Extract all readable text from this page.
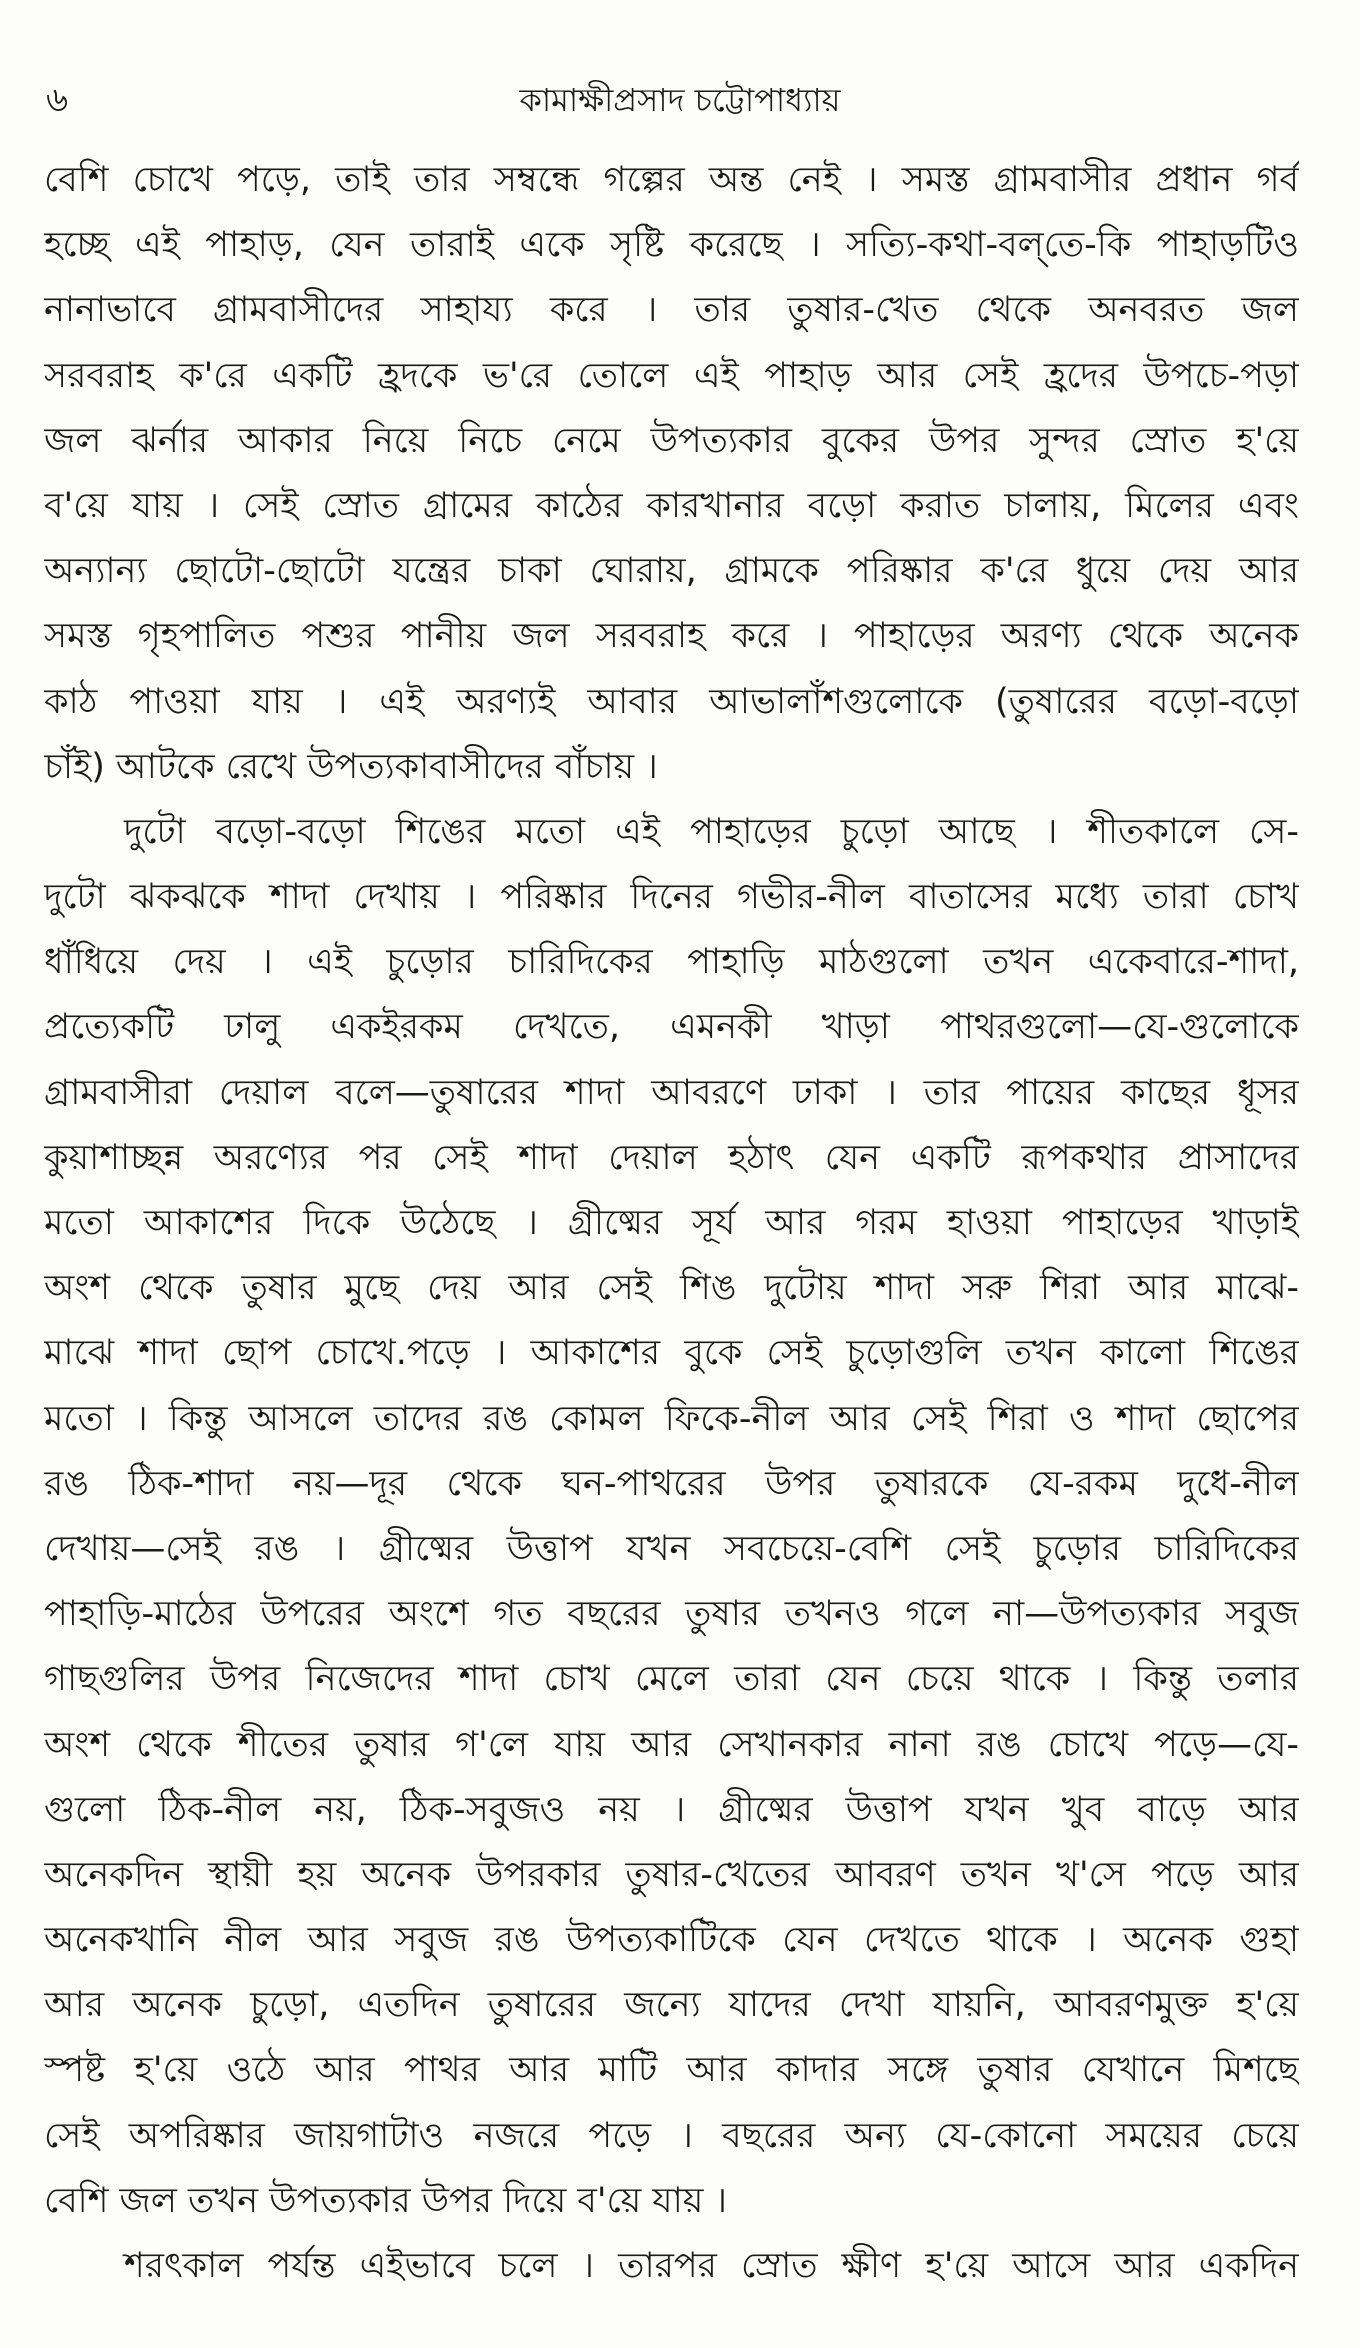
৬	কামাক্ষীপ্রসাদ চট্টোপাধ্যায়
বেশি চোখে পড়ে, তাই তার সম্বন্ধে গল্পের অন্ত নেই । সমস্ত গ্রামবাসীর প্রধান গর্ব
হচ্ছে এই পাহাড়, যেন তারাই একে সৃষ্টি করেছে । সত্যি-কথা-বল্‌তে-কি পাহাড়টিও
নানাভাবে গ্রামবাসীদের সাহায্য করে । তার তুষার-খেত থেকে অনবরত জল
সরবরাহ ক'রে একটি হ্রদকে ভ'রে তোলে এই পাহাড় আর সেই হ্রদের উপচে-পড়া
জল ঝর্নার আকার নিয়ে নিচে নেমে উপত্যকার বুকের উপর সুন্দর স্রোত হ'য়ে
ব'য়ে যায় । সেই স্রোত গ্রামের কাঠের কারখানার বড়ো করাত চালায়, মিলের এবং
অন্যান্য ছোটো-ছোটো যন্ত্রের চাকা ঘোরায়, গ্রামকে পরিষ্কার ক'রে ধুয়ে দেয় আর
সমস্ত গৃহপালিত পশুর পানীয় জল সরবরাহ করে । পাহাড়ের অরণ্য থেকে অনেক
কাঠ পাওয়া যায় । এই অরণ্যই আবার আভালাঁশগুলোকে (তুষারের বড়ো-বড়ো
চাঁই) আটকে রেখে উপত্যকাবাসীদের বাঁচায় ।
দুটো বড়ো-বড়ো শিঙের মতো এই পাহাড়ের চুড়ো আছে । শীতকালে সে-
দুটো ঝকঝকে শাদা দেখায় । পরিষ্কার দিনের গভীর-নীল বাতাসের মধ্যে তারা চোখ
ধাঁধিয়ে দেয় । এই চুড়োর চারিদিকের পাহাড়ি মাঠগুলো তখন একেবারে-শাদা,
প্রত্যেকটি ঢালু একইরকম দেখতে, এমনকী খাড়া পাথরগুলো—যে-গুলোকে
গ্রামবাসীরা দেয়াল বলে—তুষারের শাদা আবরণে ঢাকা । তার পায়ের কাছের ধূসর
কুয়াশাচ্ছন্ন অরণ্যের পর সেই শাদা দেয়াল হঠাৎ যেন একটি রূপকথার প্রাসাদের
মতো আকাশের দিকে উঠেছে । গ্রীষ্মের সূর্য আর গরম হাওয়া পাহাড়ের খাড়াই
অংশ থেকে তুষার মুছে দেয় আর সেই শিঙ দুটোয় শাদা সরু শিরা আর মাঝে-
মাঝে শাদা ছোপ চোখে.পড়ে । আকাশের বুকে সেই চুড়োগুলি তখন কালো শিঙের
মতো । কিন্তু আসলে তাদের রঙ কোমল ফিকে-নীল আর সেই শিরা ও শাদা ছোপের
রঙ ঠিক-শাদা নয়—দূর থেকে ঘন-পাথরের উপর তুষারকে যে-রকম দুধে-নীল
দেখায়—সেই রঙ । গ্রীষ্মের উত্তাপ যখন সবচেয়ে-বেশি সেই চুড়োর চারিদিকের
পাহাড়ি-মাঠের উপরের অংশে গত বছরের তুষার তখনও গলে না—উপত্যকার সবুজ
গাছগুলির উপর নিজেদের শাদা চোখ মেলে তারা যেন চেয়ে থাকে । কিন্তু তলার
অংশ থেকে শীতের তুষার গ'লে যায় আর সেখানকার নানা রঙ চোখে পড়ে—যে-
গুলো ঠিক-নীল নয়, ঠিক-সবুজও নয় । গ্রীষ্মের উত্তাপ যখন খুব বাড়ে আর
অনেকদিন স্থায়ী হয় অনেক উপরকার তুষার-খেতের আবরণ তখন খ'সে পড়ে আর
অনেকখানি নীল আর সবুজ রঙ উপত্যকাটিকে যেন দেখতে থাকে । অনেক গুহা
আর অনেক চুড়ো, এতদিন তুষারের জন্যে যাদের দেখা যায়নি, আবরণমুক্ত হ'য়ে
স্পষ্ট হ'য়ে ওঠে আর পাথর আর মাটি আর কাদার সঙ্গে তুষার যেখানে মিশছে
সেই অপরিষ্কার জায়গাটাও নজরে পড়ে । বছরের অন্য যে-কোনো সময়ের চেয়ে
বেশি জল তখন উপত্যকার উপর দিয়ে ব'য়ে যায় ।
শরৎকাল পর্যন্ত এইভাবে চলে । তারপর স্রোত ক্ষীণ হ'য়ে আসে আর একদিন
